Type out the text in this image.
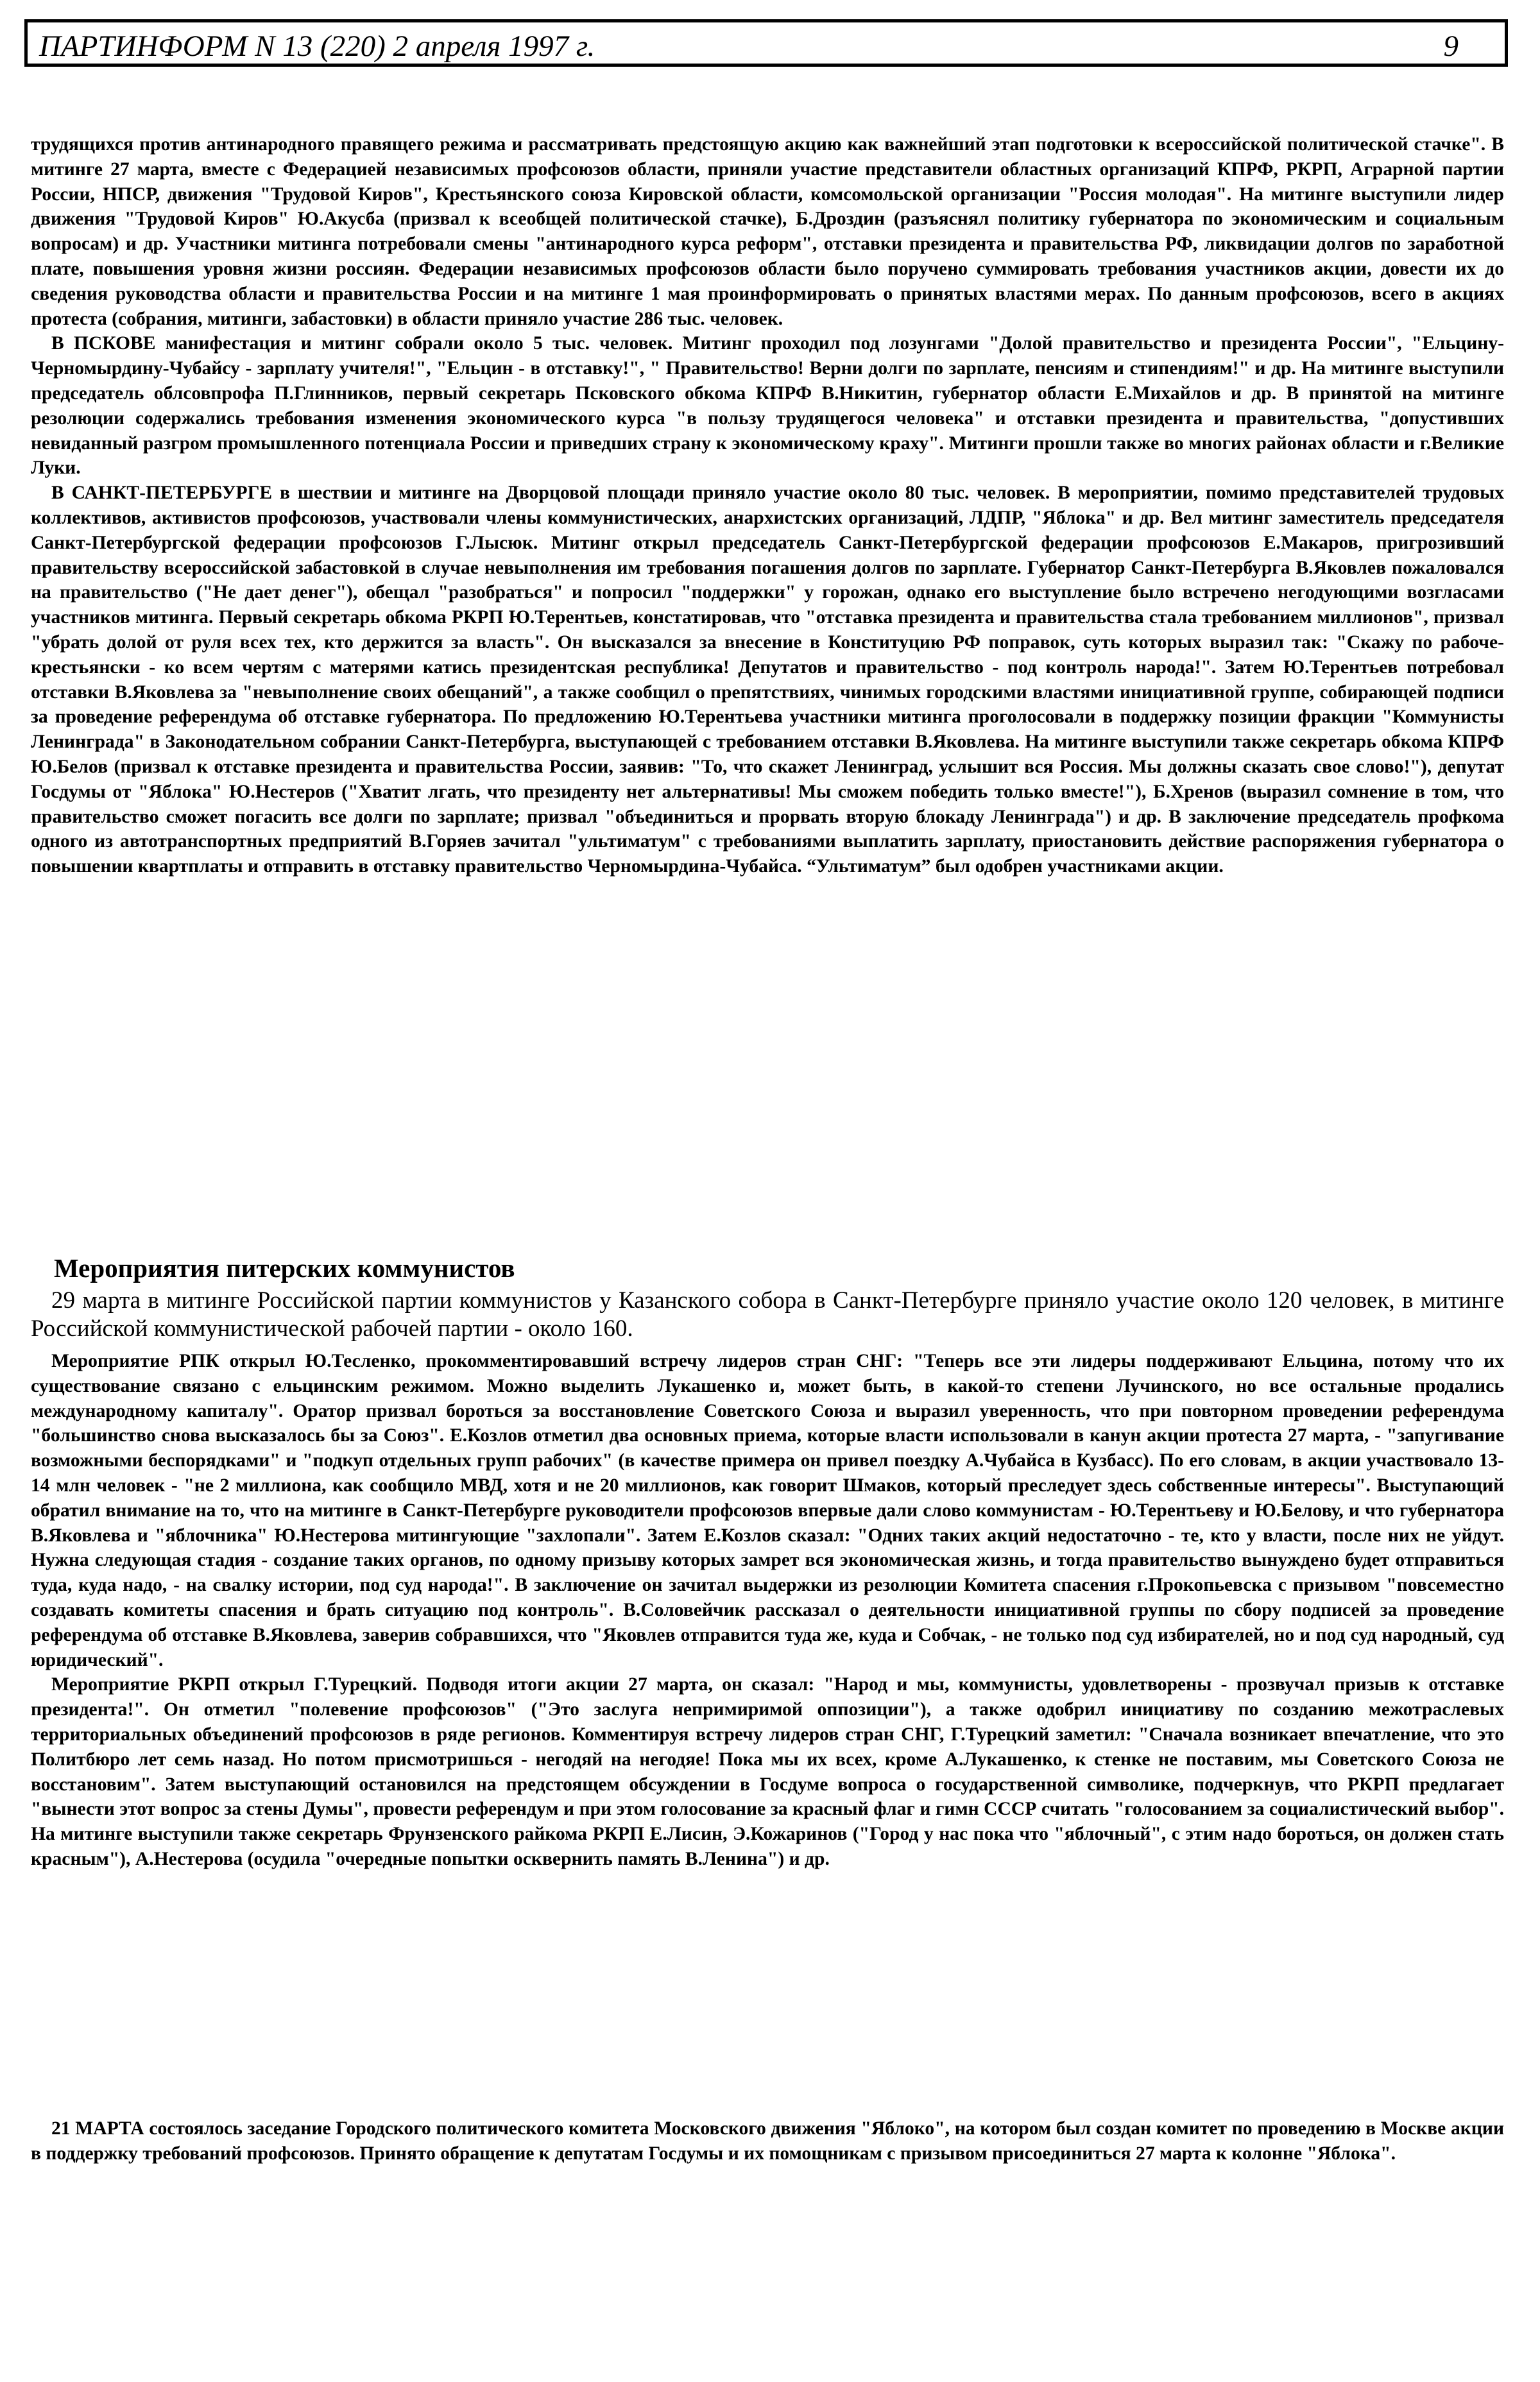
ПАРТИНФОРМ N 13 (220) 2 апреля 1997 г.	9

трудящихся против антинародного правящего режима и рассматривать предстоящую акцию как важнейший этап подготовки к всероссийской политической стачке". В митинге 27 марта, вместе с Федерацией независимых профсоюзов области, приняли участие представители областных организаций КПРФ, РКРП, Аграрной партии России, НПСР, движения "Трудовой Киров", Крестьянского союза Кировской области, комсомольской организации "Россия молодая". На митинге выступили лидер движения "Трудовой Киров" Ю.Акусба (призвал к всеобщей политической стачке), Б.Дроздин (разъяснял политику губернатора по экономическим и социальным вопросам) и др. Участники митинга потребовали смены "антинародного курса реформ", отставки президента и правительства РФ, ликвидации долгов по заработной плате, повышения уровня жизни россиян. Федерации независимых профсоюзов области было поручено суммировать требования участников акции, довести их до сведения руководства области и правительства России и на митинге 1 мая проинформировать о принятых властями мерах. По данным профсоюзов, всего в акциях протеста (собрания, митинги, забастовки) в области приняло участие 286 тыс. человек.

В ПСКОВЕ манифестация и митинг собрали около 5 тыс. человек. Митинг проходил под лозунгами "Долой правительство и президента России", "Ельцину-Черномырдину-Чубайсу - зарплату учителя!", "Ельцин - в отставку!", " Правительство! Верни долги по зарплате, пенсиям и стипендиям!" и др. На митинге выступили председатель облсовпрофа П.Глинников, первый секретарь Псковского обкома КПРФ В.Никитин, губернатор области Е.Михайлов и др. В принятой на митинге резолюции содержались требования изменения экономического курса "в пользу трудящегося человека" и отставки президента и правительства, "допустивших невиданный разгром промышленного потенциала России и приведших страну к экономическому краху". Митинги прошли также во многих районах области и г.Великие Луки.

В САНКТ-ПЕТЕРБУРГЕ в шествии и митинге на Дворцовой площади приняло участие около 80 тыс. человек. В мероприятии, помимо представителей трудовых коллективов, активистов профсоюзов, участвовали члены коммунистических, анархистских организаций, ЛДПР, "Яблока" и др. Вел митинг заместитель председателя Санкт-Петербургской федерации профсоюзов Г.Лысюк. Митинг открыл председатель Санкт-Петербургской федерации профсоюзов Е.Макаров, пригрозивший правительству всероссийской забастовкой в случае невыполнения им требования погашения долгов по зарплате. Губернатор Санкт-Петербурга В.Яковлев пожаловался на правительство ("Не дает денег"), обещал "разобраться" и попросил "поддержки" у горожан, однако его выступление было встречено негодующими возгласами участников митинга. Первый секретарь обкома РКРП Ю.Терентьев, констатировав, что "отставка президента и правительства стала требованием миллионов", призвал "убрать долой от руля всех тех, кто держится за власть". Он высказался за внесение в Конституцию РФ поправок, суть которых выразил так: "Скажу по рабоче-крестьянски - ко всем чертям с матерями катись президентская республика! Депутатов и правительство - под контроль народа!". Затем Ю.Терентьев потребовал отставки В.Яковлева за "невыполнение своих обещаний", а также сообщил о препятствиях, чинимых городскими властями инициативной группе, собирающей подписи за проведение референдума об отставке губернатора. По предложению Ю.Терентьева участники митинга проголосовали в поддержку позиции фракции "Коммунисты Ленинграда" в Законодательном собрании Санкт-Петербурга, выступающей с требованием отставки В.Яковлева. На митинге выступили также секретарь обкома КПРФ Ю.Белов (призвал к отставке президента и правительства России, заявив: "То, что скажет Ленинград, услышит вся Россия. Мы должны сказать свое слово!"), депутат Госдумы от "Яблока" Ю.Нестеров ("Хватит лгать, что президенту нет альтернативы! Мы сможем победить только вместе!"), Б.Хренов (выразил сомнение в том, что правительство сможет погасить все долги по зарплате; призвал "объединиться и прорвать вторую блокаду Ленинграда") и др. В заключение председатель профкома одного из автотранспортных предприятий В.Горяев зачитал "ультиматум" с требованиями выплатить зарплату, приостановить действие распоряжения губернатора о повышении квартплаты и отправить в отставку правительство Черномырдина-Чубайса. “Ультиматум” был одобрен участниками акции.

Мероприятия питерских коммунистов

29 марта в митинге Российской партии коммунистов у Казанского собора в Санкт-Петербурге приняло участие около 120 человек, в митинге Российской коммунистической рабочей партии - около 160.

Мероприятие РПК открыл Ю.Тесленко, прокомментировавший встречу лидеров стран СНГ: "Теперь все эти лидеры поддерживают Ельцина, потому что их существование связано с ельцинским режимом. Можно выделить Лукашенко и, может быть, в какой-то степени Лучинского, но все остальные продались международному капиталу". Оратор призвал бороться за восстановление Советского Союза и выразил уверенность, что при повторном проведении референдума "большинство снова высказалось бы за Союз". Е.Козлов отметил два основных приема, которые власти использовали в канун акции протеста 27 марта, - "запугивание возможными беспорядками" и "подкуп отдельных групп рабочих" (в качестве примера он привел поездку А.Чубайса в Кузбасс). По его словам, в акции участвовало 13-14 млн человек - "не 2 миллиона, как сообщило МВД, хотя и не 20 миллионов, как говорит Шмаков, который преследует здесь собственные интересы". Выступающий обратил внимание на то, что на митинге в Санкт-Петербурге руководители профсоюзов впервые дали слово коммунистам - Ю.Терентьеву и Ю.Белову, и что губернатора В.Яковлева и "яблочника" Ю.Нестерова митингующие "захлопали". Затем Е.Козлов сказал: "Одних таких акций недостаточно - те, кто у власти, после них не уйдут. Нужна следующая стадия - создание таких органов, по одному призыву которых замрет вся экономическая жизнь, и тогда правительство вынуждено будет отправиться туда, куда надо, - на свалку истории, под суд народа!". В заключение он зачитал выдержки из резолюции Комитета спасения г.Прокопьевска с призывом "повсеместно создавать комитеты спасения и брать ситуацию под контроль". В.Соловейчик рассказал о деятельности инициативной группы по сбору подписей за проведение референдума об отставке В.Яковлева, заверив собравшихся, что "Яковлев отправится туда же, куда и Собчак, - не только под суд избирателей, но и под суд народный, суд юридический".

Мероприятие РКРП открыл Г.Турецкий. Подводя итоги акции 27 марта, он сказал: "Народ и мы, коммунисты, удовлетворены - прозвучал призыв к отставке президента!". Он отметил "полевение профсоюзов" ("Это заслуга непримиримой оппозиции"), а также одобрил инициативу по созданию межотраслевых территориальных объединений профсоюзов в ряде регионов. Комментируя встречу лидеров стран СНГ, Г.Турецкий заметил: "Сначала возникает впечатление, что это Политбюро лет семь назад. Но потом присмотришься - негодяй на негодяе! Пока мы их всех, кроме А.Лукашенко, к стенке не поставим, мы Советского Союза не восстановим". Затем выступающий остановился на предстоящем обсуждении в Госдуме вопроса о государственной символике, подчеркнув, что РКРП предлагает "вынести этот вопрос за стены Думы", провести референдум и при этом голосование за красный флаг и гимн СССР считать "голосованием за социалистический выбор". На митинге выступили также секретарь Фрунзенского райкома РКРП Е.Лисин, Э.Кожаринов ("Город у нас пока что "яблочный", с этим надо бороться, он должен стать красным"), А.Нестерова (осудила "очередные попытки осквернить память В.Ленина") и др.

21 МАРТА состоялось заседание Городского политического комитета Московского движения "Яблоко", на котором был создан комитет по проведению в Москве акции в поддержку требований профсоюзов. Принято обращение к депутатам Госдумы и их помощникам с призывом присоединиться 27 марта к колонне "Яблока".
